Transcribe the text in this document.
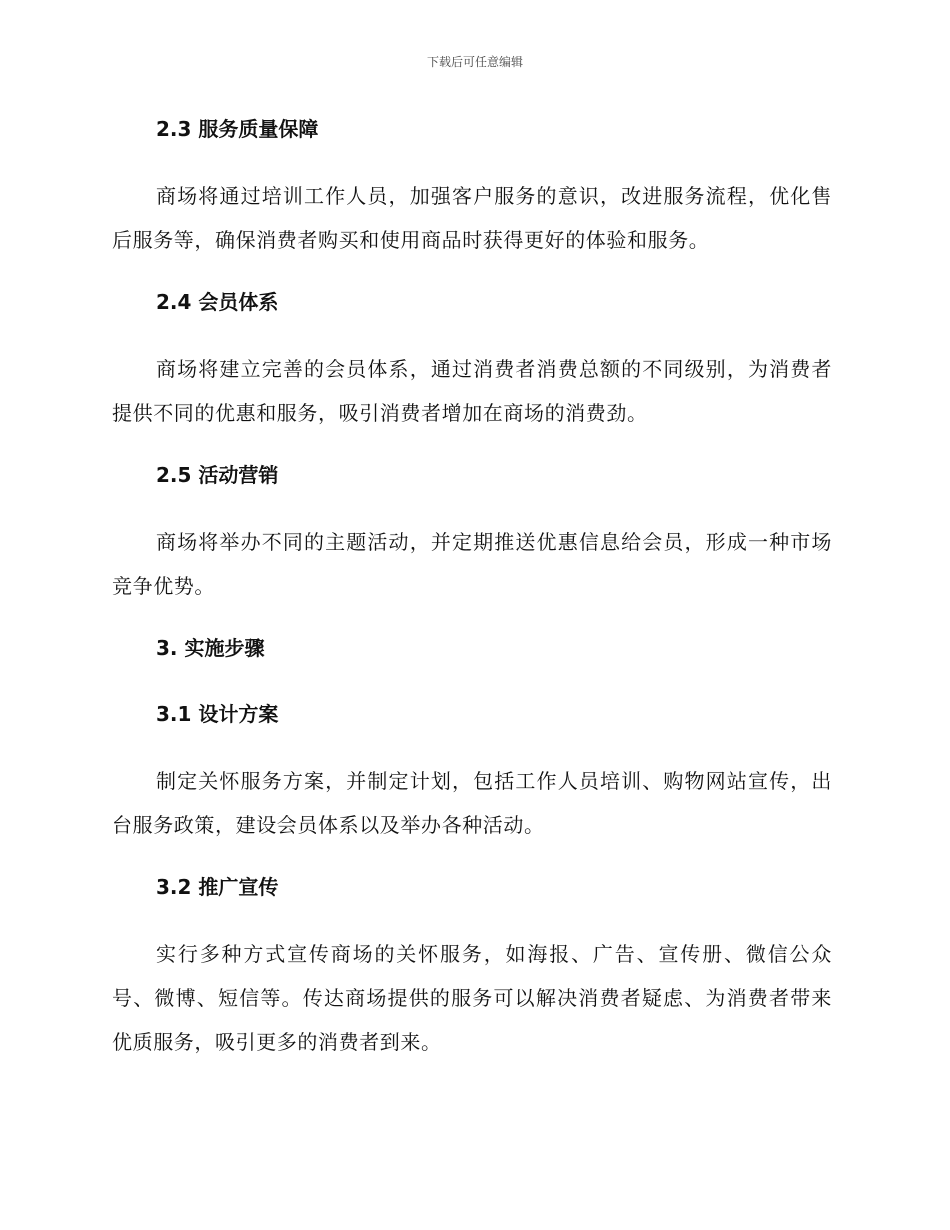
下载后可任意编辑
2.3 服务质量保障

商场将通过培训工作人员，加强客户服务的意识，改进服务流程，优化售后服务等，确保消费者购买和使用商品时获得更好的体验和服务。

2.4 会员体系

商场将建立完善的会员体系，通过消费者消费总额的不同级别，为消费者提供不同的优惠和服务，吸引消费者增加在商场的消费劲。

2.5 活动营销

商场将举办不同的主题活动，并定期推送优惠信息给会员，形成一种市场竞争优势。

3. 实施步骤
3.1 设计方案

制定关怀服务方案，并制定计划，包括工作人员培训、购物网站宣传，出台服务政策，建设会员体系以及举办各种活动。

3.2 推广宣传

实行多种方式宣传商场的关怀服务，如海报、广告、宣传册、微信公众号、微博、短信等。传达商场提供的服务可以解决消费者疑虑、为消费者带来优质服务，吸引更多的消费者到来。
